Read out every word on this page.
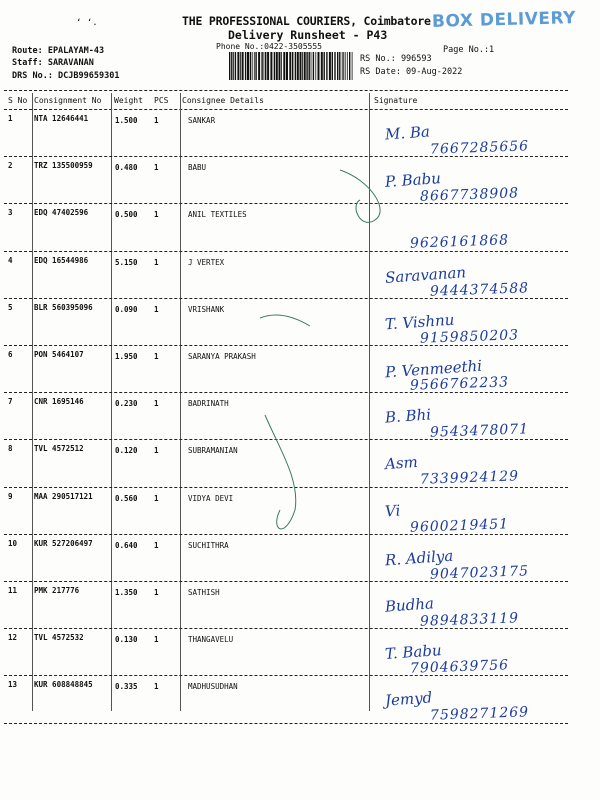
ʻ ʻ.	THE PROFESSIONAL COURIERS, Coimbatore
Delivery Runsheet - P43
Phone No.:0422-3505555
BOX DELIVERY
Route: EPALAYAM-43
Staff: SARAVANAN
DRS No.: DCJB99659301
Page No.:1
RS No.: 996593
RS Date: 09-Aug-2022
S No Consignment No Weight PCS Consignee Details	Signature
1	NTA 12646441	1.500 1	SANKAR
M. Ba
7667285656
2	TRZ 135500959	0.480 1	BABU
P. Babu
8667738908
3	EDQ 47402596	0.500 1	ANIL TEXTILES
9626161868
4	EDQ 16544986	5.150 1	J VERTEX
Saravanan
9444374588
5	BLR 560395096	0.090 1	VRISHANK
T. Vishnu
9159850203
6	PON 5464107	1.950 1	SARANYA PRAKASH
P. Venmeethi
9566762233
7	CNR 1695146	0.230 1	BADRINATH
B. Bhi
9543478071
8	TVL 4572512	0.120 1	SUBRAMANIAN
Asm
7339924129
9	MAA 290517121	0.560 1	VIDYA DEVI
Vi
9600219451
10 KUR 527206497	0.640 1	SUCHITHRA
R. Adilya
9047023175
11 PMK 217776	1.350 1	SATHISH
Budha
9894833119
12 TVL 4572532	0.130 1	THANGAVELU
T. Babu
7904639756
13 KUR 608848845	0.335 1	MADHUSUDHAN
Jemyd
7598271269
